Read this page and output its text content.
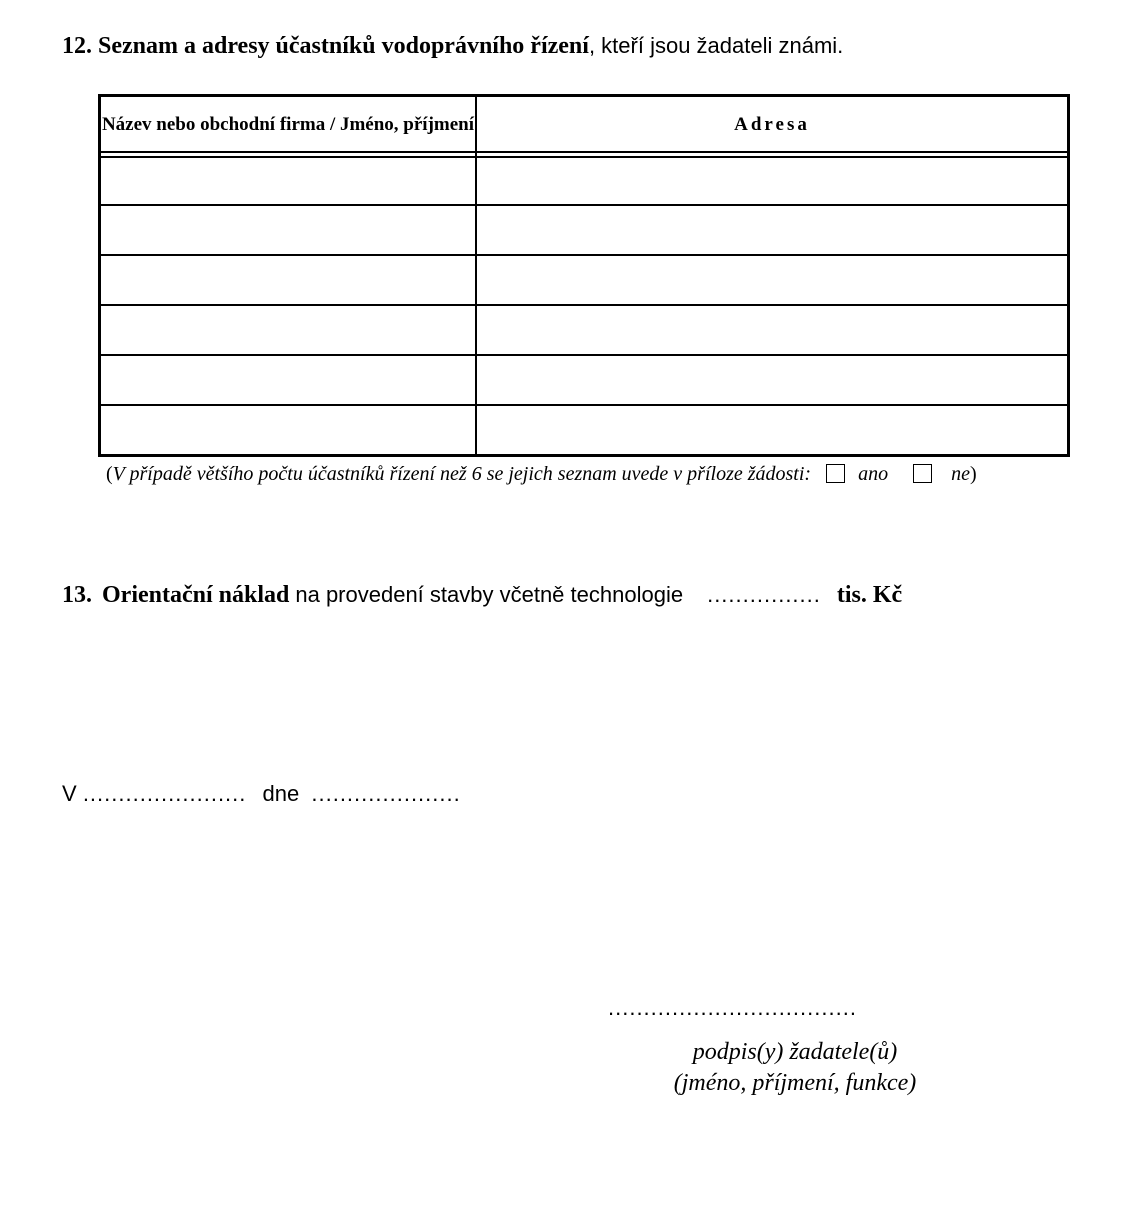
12. Seznam a adresy účastníků vodoprávního řízení, kteří jsou žadateli známi.
Název nebo obchodní firma / Jméno, příjmení	Adresa
(V případě většího počtu účastníků řízení než 6 se jejich seznam uvede v příloze žádosti: ano	ne)
13. Orientační náklad na provedení stavby včetně technologie ................ tis. Kč
V ....................... dne .....................
...................................
podpis(y) žadatele(ů)
(jméno, příjmení, funkce)
